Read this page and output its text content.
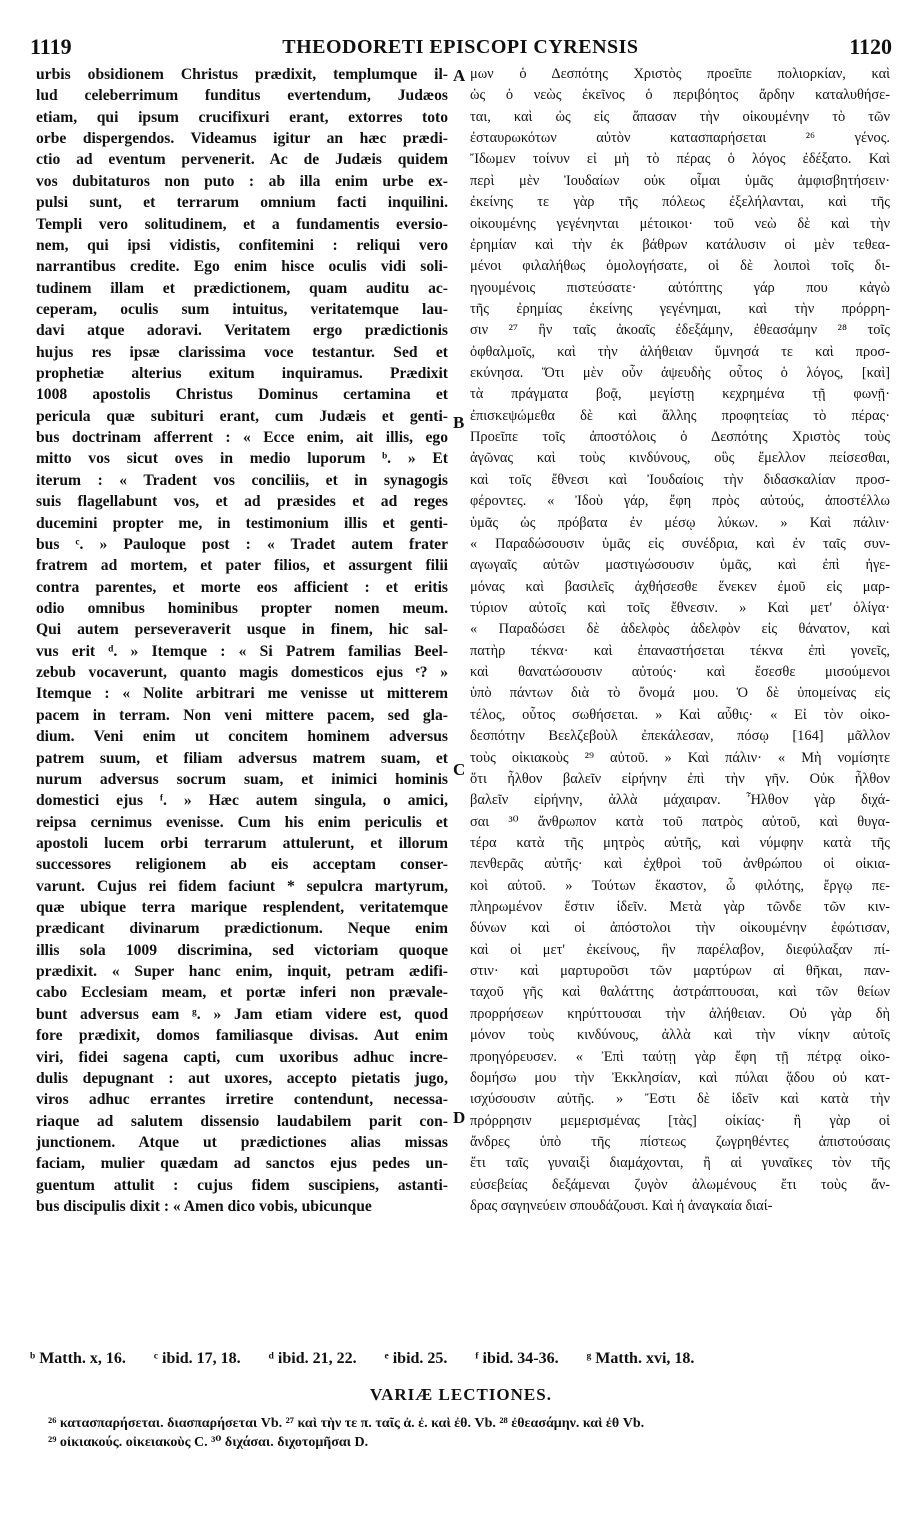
1119	THEODORETI EPISCOPI CYRENSIS	1120
urbis obsidionem Christus prædixit, templumque il-
lud celeberrimum funditus evertendum, Judæos
etiam, qui ipsum crucifixuri erant, extorres toto
orbe dispergendos. Videamus igitur an hæc prædi-
ctio ad eventum pervenerit. Ac de Judæis quidem
vos dubitaturos non puto : ab illa enim urbe ex-
pulsi sunt, et terrarum omnium facti inquilini.
Templi vero solitudinem, et a fundamentis eversio-
nem, qui ipsi vidistis, confitemini : reliqui vero
narrantibus credite. Ego enim hisce oculis vidi soli-
tudinem illam et prædictionem, quam auditu ac-
ceperam, oculis sum intuitus, veritatemque lau-
davi atque adoravi. Veritatem ergo prædictionis
hujus res ipsæ clarissima voce testantur. Sed et
prophetiæ alterius exitum inquiramus. Prædixit
1008 apostolis Christus Dominus certamina et
pericula quæ subituri erant, cum Judæis et genti-
bus doctrinam afferrent : « Ecce enim, ait illis, ego
mitto vos sicut oves in medio luporum ᵇ. » Et
iterum : « Tradent vos conciliis, et in synagogis
suis flagellabunt vos, et ad præsides et ad reges
ducemini propter me, in testimonium illis et genti-
bus ᶜ. » Pauloque post : « Tradet autem frater
fratrem ad mortem, et pater filios, et assurgent filii
contra parentes, et morte eos afficient : et eritis
odio omnibus hominibus propter nomen meum.
Qui autem perseveraverit usque in finem, hic sal-
vus erit ᵈ. » Itemque : « Si Patrem familias Beel-
zebub vocaverunt, quanto magis domesticos ejus ᵉ? »
Itemque : « Nolite arbitrari me venisse ut mitterem
pacem in terram. Non veni mittere pacem, sed gla-
dium. Veni enim ut concitem hominem adversus
patrem suum, et filiam adversus matrem suam, et
nurum adversus socrum suam, et inimici hominis
domestici ejus ᶠ. » Hæc autem singula, o amici,
reipsa cernimus evenisse. Cum his enim periculis et
apostoli lucem orbi terrarum attulerunt, et illorum
successores religionem ab eis acceptam conser-
varunt. Cujus rei fidem faciunt * sepulcra martyrum,
quæ ubique terra marique resplendent, veritatemque
prædicant divinarum prædictionum. Neque enim
illis sola 1009 discrimina, sed victoriam quoque
prædixit. « Super hanc enim, inquit, petram ædifi-
cabo Ecclesiam meam, et portæ inferi non prævale-
bunt adversus eam ᵍ. » Jam etiam videre est, quod
fore prædixit, domos familiasque divisas. Aut enim
viri, fidei sagena capti, cum uxoribus adhuc incre-
dulis depugnant : aut uxores, accepto pietatis jugo,
viros adhuc errantes irretire contendunt, necessa-
riaque ad salutem dissensio laudabilem parit con-
junctionem. Atque ut prædictiones alias missas
faciam, mulier quædam ad sanctos ejus pedes un-
guentum attulit : cujus fidem suscipiens, astanti-
bus discipulis dixit : « Amen dico vobis, ubicunque
μων ὁ Δεσπότης Χριστὸς προεῖπε πολιορκίαν, καὶ
ὡς ὁ νεὼς ἐκεῖνος ὁ περιβόητος ἄρδην καταλυθήσε-
ται, καὶ ὡς εἰς ἅπασαν τὴν οἰκουμένην τὸ τῶν
ἐσταυρωκότων αὐτὸν κατασπαρήσεται ²⁶ γένος.
Ἴδωμεν τοίνυν εἰ μὴ τὸ πέρας ὁ λόγος ἐδέξατο. Καὶ
περὶ μὲν Ἰουδαίων οὐκ οἶμαι ὑμᾶς ἀμφισβητήσειν·
ἐκείνης τε γὰρ τῆς πόλεως ἐξελήλανται, καὶ τῆς
οἰκουμένης γεγένηνται μέτοικοι· τοῦ νεὼ δὲ καὶ τὴν
ἐρημίαν καὶ τὴν ἐκ βάθρων κατάλυσιν οἱ μὲν τεθεα-
μένοι φιλαλήθως ὁμολογήσατε, οἱ δὲ λοιποὶ τοῖς δι-
ηγουμένοις πιστεύσατε· αὐτόπτης γάρ που κἀγὼ
τῆς ἐρημίας ἐκείνης γεγένημαι, καὶ τὴν πρόρρη-
σιν ²⁷ ἣν ταῖς ἀκοαῖς ἐδεξάμην, ἐθεασάμην ²⁸ τοῖς
ὀφθαλμοῖς, καὶ τὴν ἀλήθειαν ὕμνησά τε καὶ προσ-
εκύνησα. Ὅτι μὲν οὖν ἀψευδὴς οὗτος ὁ λόγος, [καὶ]
τὰ πράγματα βοᾷ, μεγίστῃ κεχρημένα τῇ φωνῇ·
ἐπισκεψώμεθα δὲ καὶ ἄλλης προφητείας τὸ πέρας·
Προεῖπε τοῖς ἀποστόλοις ὁ Δεσπότης Χριστὸς τοὺς
ἀγῶνας καὶ τοὺς κινδύνους, οὓς ἔμελλον πείσεσθαι,
καὶ τοῖς ἔθνεσι καὶ Ἰουδαίοις τὴν διδασκαλίαν προσ-
φέροντες. « Ἰδοὺ γάρ, ἔφη πρὸς αὐτούς, ἀποστέλλω
ὑμᾶς ὡς πρόβατα ἐν μέσῳ λύκων. » Καὶ πάλιν·
« Παραδώσουσιν ὑμᾶς εἰς συνέδρια, καὶ ἐν ταῖς συν-
αγωγαῖς αὐτῶν μαστιγώσουσιν ὑμᾶς, καὶ ἐπὶ ἡγε-
μόνας καὶ βασιλεῖς ἀχθήσεσθε ἕνεκεν ἐμοῦ εἰς μαρ-
τύριον αὐτοῖς καὶ τοῖς ἔθνεσιν. » Καὶ μετ' ὀλίγα·
« Παραδώσει δὲ ἀδελφὸς ἀδελφὸν εἰς θάνατον, καὶ
πατὴρ τέκνα· καὶ ἐπαναστήσεται τέκνα ἐπὶ γονεῖς,
καὶ θανατώσουσιν αὐτούς· καὶ ἔσεσθε μισούμενοι
ὑπὸ πάντων διὰ τὸ ὄνομά μου. Ὁ δὲ ὑπομείνας εἰς
τέλος, οὗτος σωθήσεται. » Καὶ αὖθις· « Εἰ τὸν οἰκο-
δεσπότην Βεελζεβοὺλ ἐπεκάλεσαν, πόσῳ [164] μᾶλλον
τοὺς οἰκιακοὺς ²⁹ αὐτοῦ. » Καὶ πάλιν· « Μὴ νομίσητε
ὅτι ἦλθον βαλεῖν εἰρήνην ἐπὶ τὴν γῆν. Οὐκ ἦλθον
βαλεῖν εἰρήνην, ἀλλὰ μάχαιραν. Ἦλθον γὰρ διχά-
σαι ³⁰ ἄνθρωπον κατὰ τοῦ πατρὸς αὐτοῦ, καὶ θυγα-
τέρα κατὰ τῆς μητρὸς αὐτῆς, καὶ νύμφην κατὰ τῆς
πενθερᾶς αὐτῆς· καὶ ἐχθροὶ τοῦ ἀνθρώπου οἱ οἰκια-
κοὶ αὐτοῦ. » Τούτων ἕκαστον, ὦ φιλότης, ἔργῳ πε-
πληρωμένον ἔστιν ἰδεῖν. Μετὰ γὰρ τῶνδε τῶν κιν-
δύνων καὶ οἱ ἀπόστολοι τὴν οἰκουμένην ἐφώτισαν,
καὶ οἱ μετ' ἐκείνους, ἣν παρέλαβον, διεφύλαξαν πί-
στιν· καὶ μαρτυροῦσι τῶν μαρτύρων αἱ θῆκαι, παν-
ταχοῦ γῆς καὶ θαλάττης ἀστράπτουσαι, καὶ τῶν θείων
προρρήσεων κηρύττουσαι τὴν ἀλήθειαν. Οὐ γὰρ δὴ
μόνον τοὺς κινδύνους, ἀλλὰ καὶ τὴν νίκην αὐτοῖς
προηγόρευσεν. « Ἐπὶ ταύτῃ γὰρ ἔφη τῇ πέτρᾳ οἰκο-
δομήσω μου τὴν Ἐκκλησίαν, καὶ πύλαι ᾅδου οὐ κατ-
ισχύσουσιν αὐτῆς. » Ἔστι δὲ ἰδεῖν καὶ κατὰ τὴν
πρόρρησιν μεμερισμένας [τὰς] οἰκίας· ἢ γὰρ οἱ
ἄνδρες ὑπὸ τῆς πίστεως ζωγρηθέντες ἀπιστούσαις
ἔτι ταῖς γυναιξὶ διαμάχονται, ἢ αἱ γυναῖκες τὸν τῆς
εὐσεβείας δεξάμεναι ζυγὸν ἀλωμένους ἔτι τοὺς ἄν-
δρας σαγηνεύειν σπουδάζουσι. Καὶ ἡ ἀναγκαία διαί-
A
B
C
D
ᵇ Matth. x, 16. ᶜ ibid. 17, 18. ᵈ ibid. 21, 22. ᵉ ibid. 25. ᶠ ibid. 34-36. ᵍ Matth. xvi, 18.
VARIÆ LECTIONES.
²⁶ κατασπαρήσεται. διασπαρήσεται Vb. ²⁷ καὶ τὴν τε π. ταῖς ἀ. ἐ. καὶ ἐθ. Vb. ²⁸ ἐθεασάμην. καὶ ἐθ Vb.
²⁹ οἰκιακούς. οἰκειακοὺς C. ³⁰ διχάσαι. διχοτομῆσαι D.
